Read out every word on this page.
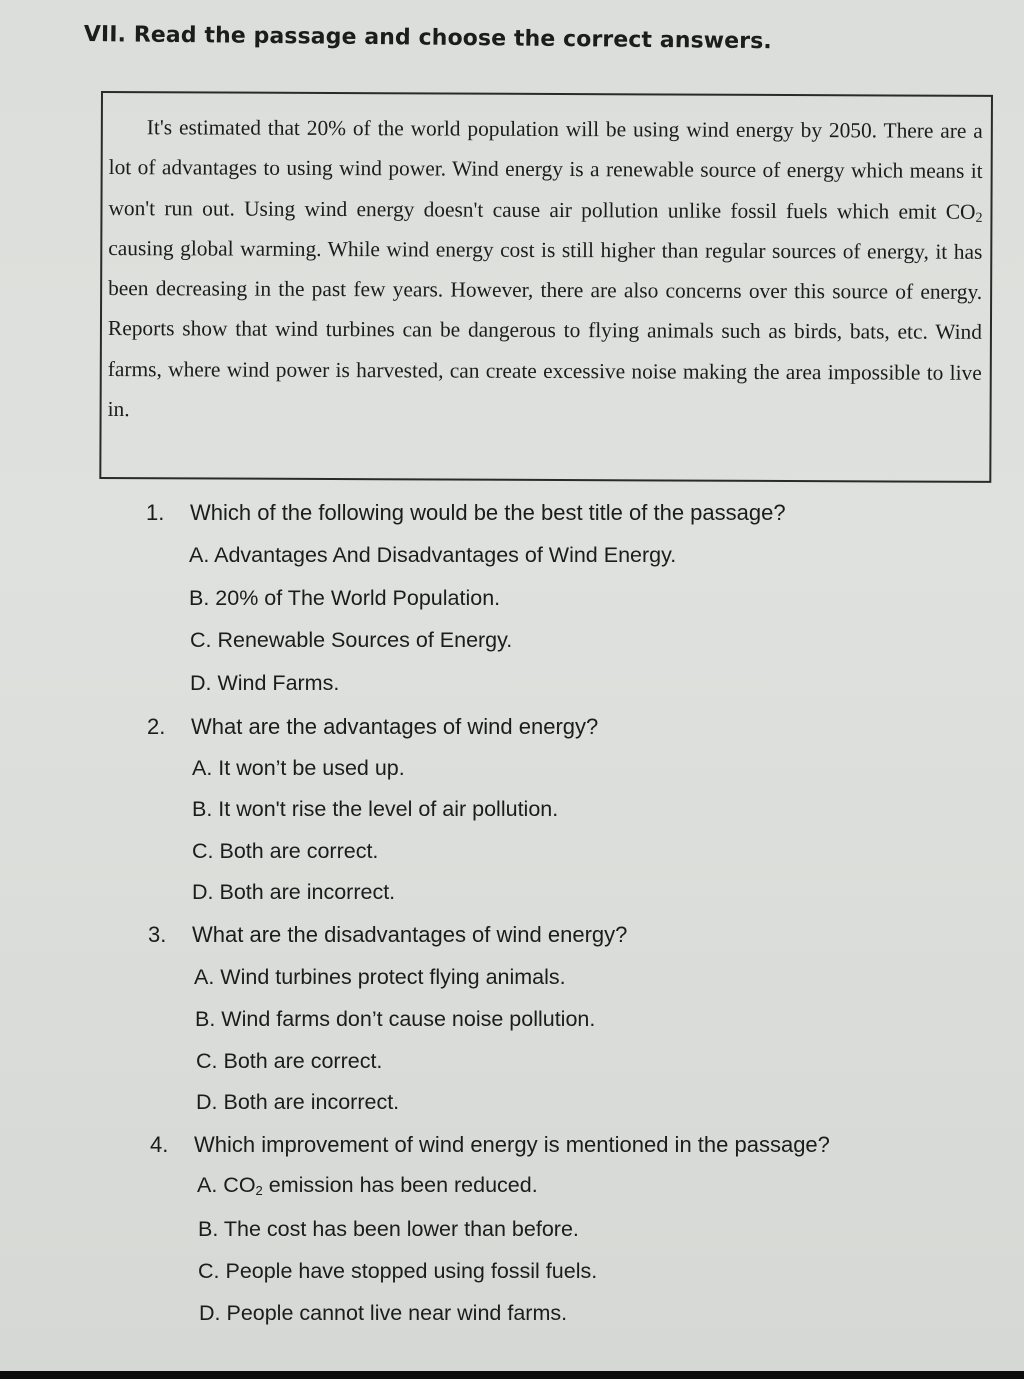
VII. Read the passage and choose the correct answers.

It's estimated that 20% of the world population will be using wind energy by 2050. There are a lot of advantages to using wind power. Wind energy is a renewable source of energy which means it won't run out. Using wind energy doesn't cause air pollution unlike fossil fuels which emit $CO_2$ causing global warming. While wind energy cost is still higher than regular sources of energy, it has been decreasing in the past few years. However, there are also concerns over this source of energy. Reports show that wind turbines can be dangerous to flying animals such as birds, bats, etc. Wind farms, where wind power is harvested, can create excessive noise making the area impossible to live in.

1. Which of the following would be the best title of the passage?
A. Advantages And Disadvantages of Wind Energy.
B. 20% of The World Population.
C. Renewable Sources of Energy.
D. Wind Farms.
2. What are the advantages of wind energy?
A. It won’t be used up.
B. It won't rise the level of air pollution.
C. Both are correct.
D. Both are incorrect.
3. What are the disadvantages of wind energy?
A. Wind turbines protect flying animals.
B. Wind farms don’t cause noise pollution.
C. Both are correct.
D. Both are incorrect.
4. Which improvement of wind energy is mentioned in the passage?
A. $CO_2$ emission has been reduced.
B. The cost has been lower than before.
C. People have stopped using fossil fuels.
D. People cannot live near wind farms.
